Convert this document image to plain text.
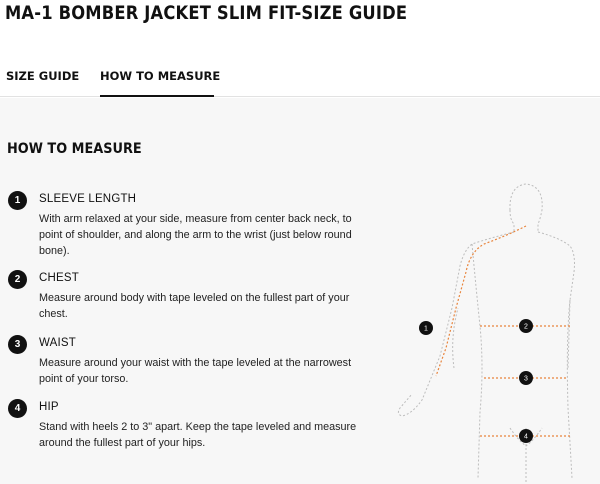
MA-1 BOMBER JACKET SLIM FIT-SIZE GUIDE
SIZE GUIDE HOW TO MEASURE
HOW TO MEASURE
1	SLEEVE LENGTH
With arm relaxed at your side, measure from center back neck, to point of shoulder, and along the arm to the wrist (just below round bone).
2	CHEST
Measure around body with tape leveled on the fullest part of your chest.
3	WAIST
Measure around your waist with the tape leveled at the narrowest point of your torso.
4	HIP
Stand with heels 2 to 3" apart. Keep the tape leveled and measure around the fullest part of your hips.
1	2
3
4
